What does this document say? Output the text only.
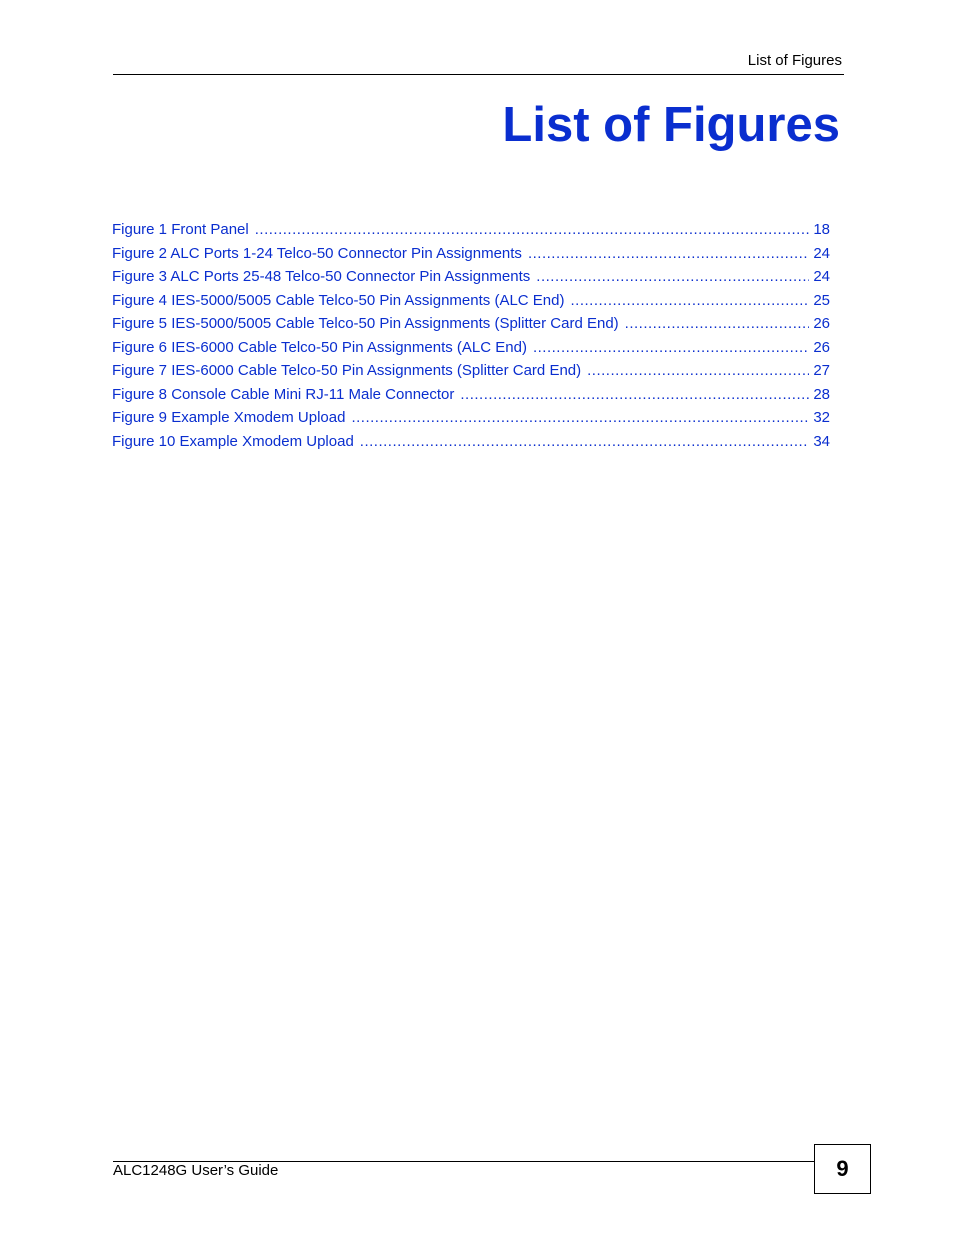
List of Figures
List of Figures
Figure 1 Front Panel .....	18
Figure 2 ALC Ports 1-24 Telco-50 Connector Pin Assignments .....	24
Figure 3 ALC Ports 25-48 Telco-50 Connector Pin Assignments .....	24
Figure 4 IES-5000/5005 Cable Telco-50 Pin Assignments (ALC End) .....	25
Figure 5 IES-5000/5005 Cable Telco-50 Pin Assignments (Splitter Card End) .....	26
Figure 6 IES-6000 Cable Telco-50 Pin Assignments (ALC End) .....	26
Figure 7 IES-6000 Cable Telco-50 Pin Assignments (Splitter Card End) .....	27
Figure 8 Console Cable Mini RJ-11 Male Connector .....	28
Figure 9 Example Xmodem Upload .....	32
Figure 10 Example Xmodem Upload .....	34
ALC1248G User’s Guide	9
